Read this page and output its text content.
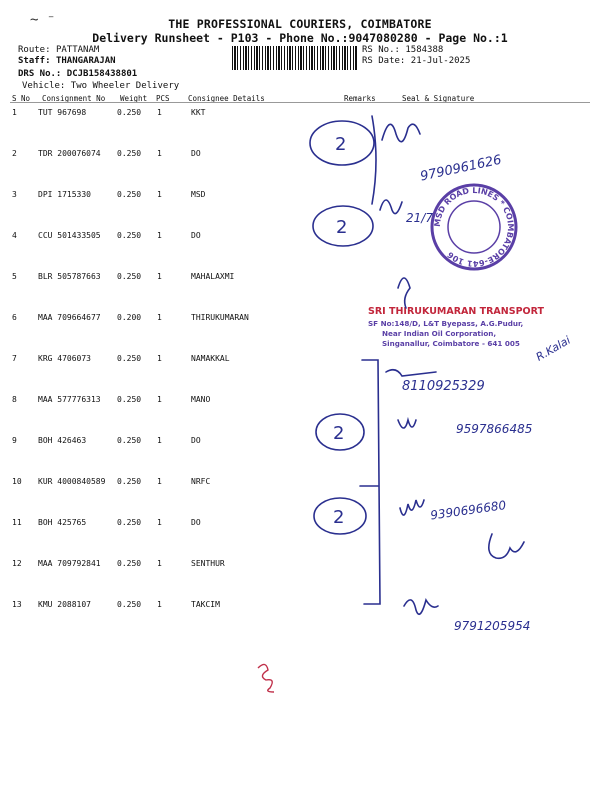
~ ⁻	THE PROFESSIONAL COURIERS, COIMBATORE
Delivery Runsheet - P103 - Phone No.:9047080280 - Page No.:1
Route: PATTANAM
Staff: THANGARAJAN
DRS No.: DCJB158438801
Vehicle: Two Wheeler Delivery
RS No.: 1584388
RS Date: 21-Jul-2025
S No Consignment No Weight PCS Consignee Details	Remarks	Seal & Signature
1	TUT 967698	0.250 1	KKT
2	TDR 200076074 0.250 1	DO
3	DPI 1715330	0.250 1	MSD
4	CCU 501433505 0.250 1	DO
5	BLR 505787663 0.250 1	MAHALAXMI
6	MAA 709664677 0.200 1	THIRUKUMARAN
7	KRG 4706073	0.250 1	NAMAKKAL
8	MAA 577776313 0.250 1	MANO
9	BOH 426463	0.250 1	DO
10 KUR 4000840589 0.250 1	NRFC
11 BOH 425765	0.250 1	DO
12 MAA 709792841 0.250 1	SENTHUR
13 KMU 2088107	0.250 1	TAKCIM
2
2
2
2
MSD ROAD LINES * COIMBATORE-641 106
SRI THIRUKUMARAN TRANSPORT
SF No:148/D, L&T Byepass, A.G.Pudur,
Near Indian Oil Corporation,
Singanallur, Coimbatore - 641 005
9790961626
21/7
8110925329
9597866485
9390696680
9791205954
R.Kalai
